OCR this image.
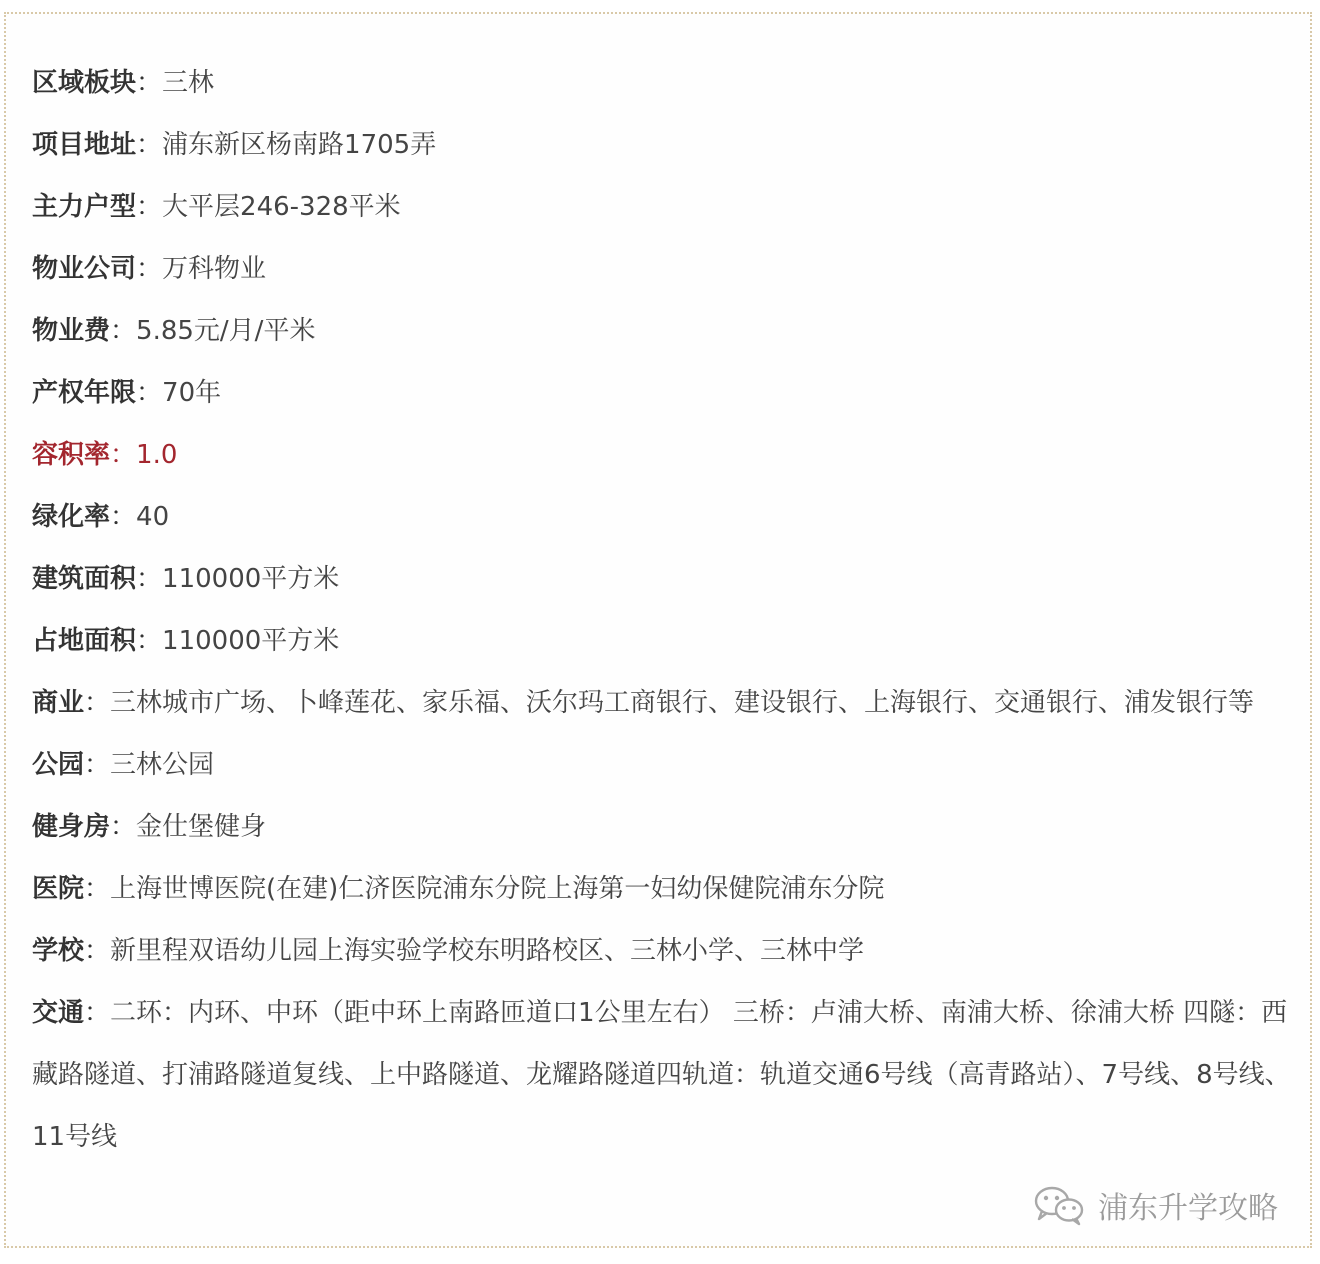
区域板块：三林
项目地址：浦东新区杨南路1705弄
主力户型：大平层246-328平米
物业公司：万科物业
物业费：5.85元/月/平米
产权年限：70年
容积率：1.0
绿化率：40
建筑面积：110000平方米
占地面积：110000平方米
商业：三林城市广场、卜峰莲花、家乐福、沃尔玛工商银行、建设银行、上海银行、交通银行、浦发银行等
公园：三林公园
健身房：金仕堡健身
医院：上海世博医院(在建)仁济医院浦东分院上海第一妇幼保健院浦东分院
学校：新里程双语幼儿园上海实验学校东明路校区、三林小学、三林中学
交通：二环：内环、中环（距中环上南路匝道口1公里左右） 三桥：卢浦大桥、南浦大桥、徐浦大桥 四隧：西藏路隧道、打浦路隧道复线、上中路隧道、龙耀路隧道四轨道：轨道交通6号线（高青路站）、7号线、8号线、11号线
浦东升学攻略
